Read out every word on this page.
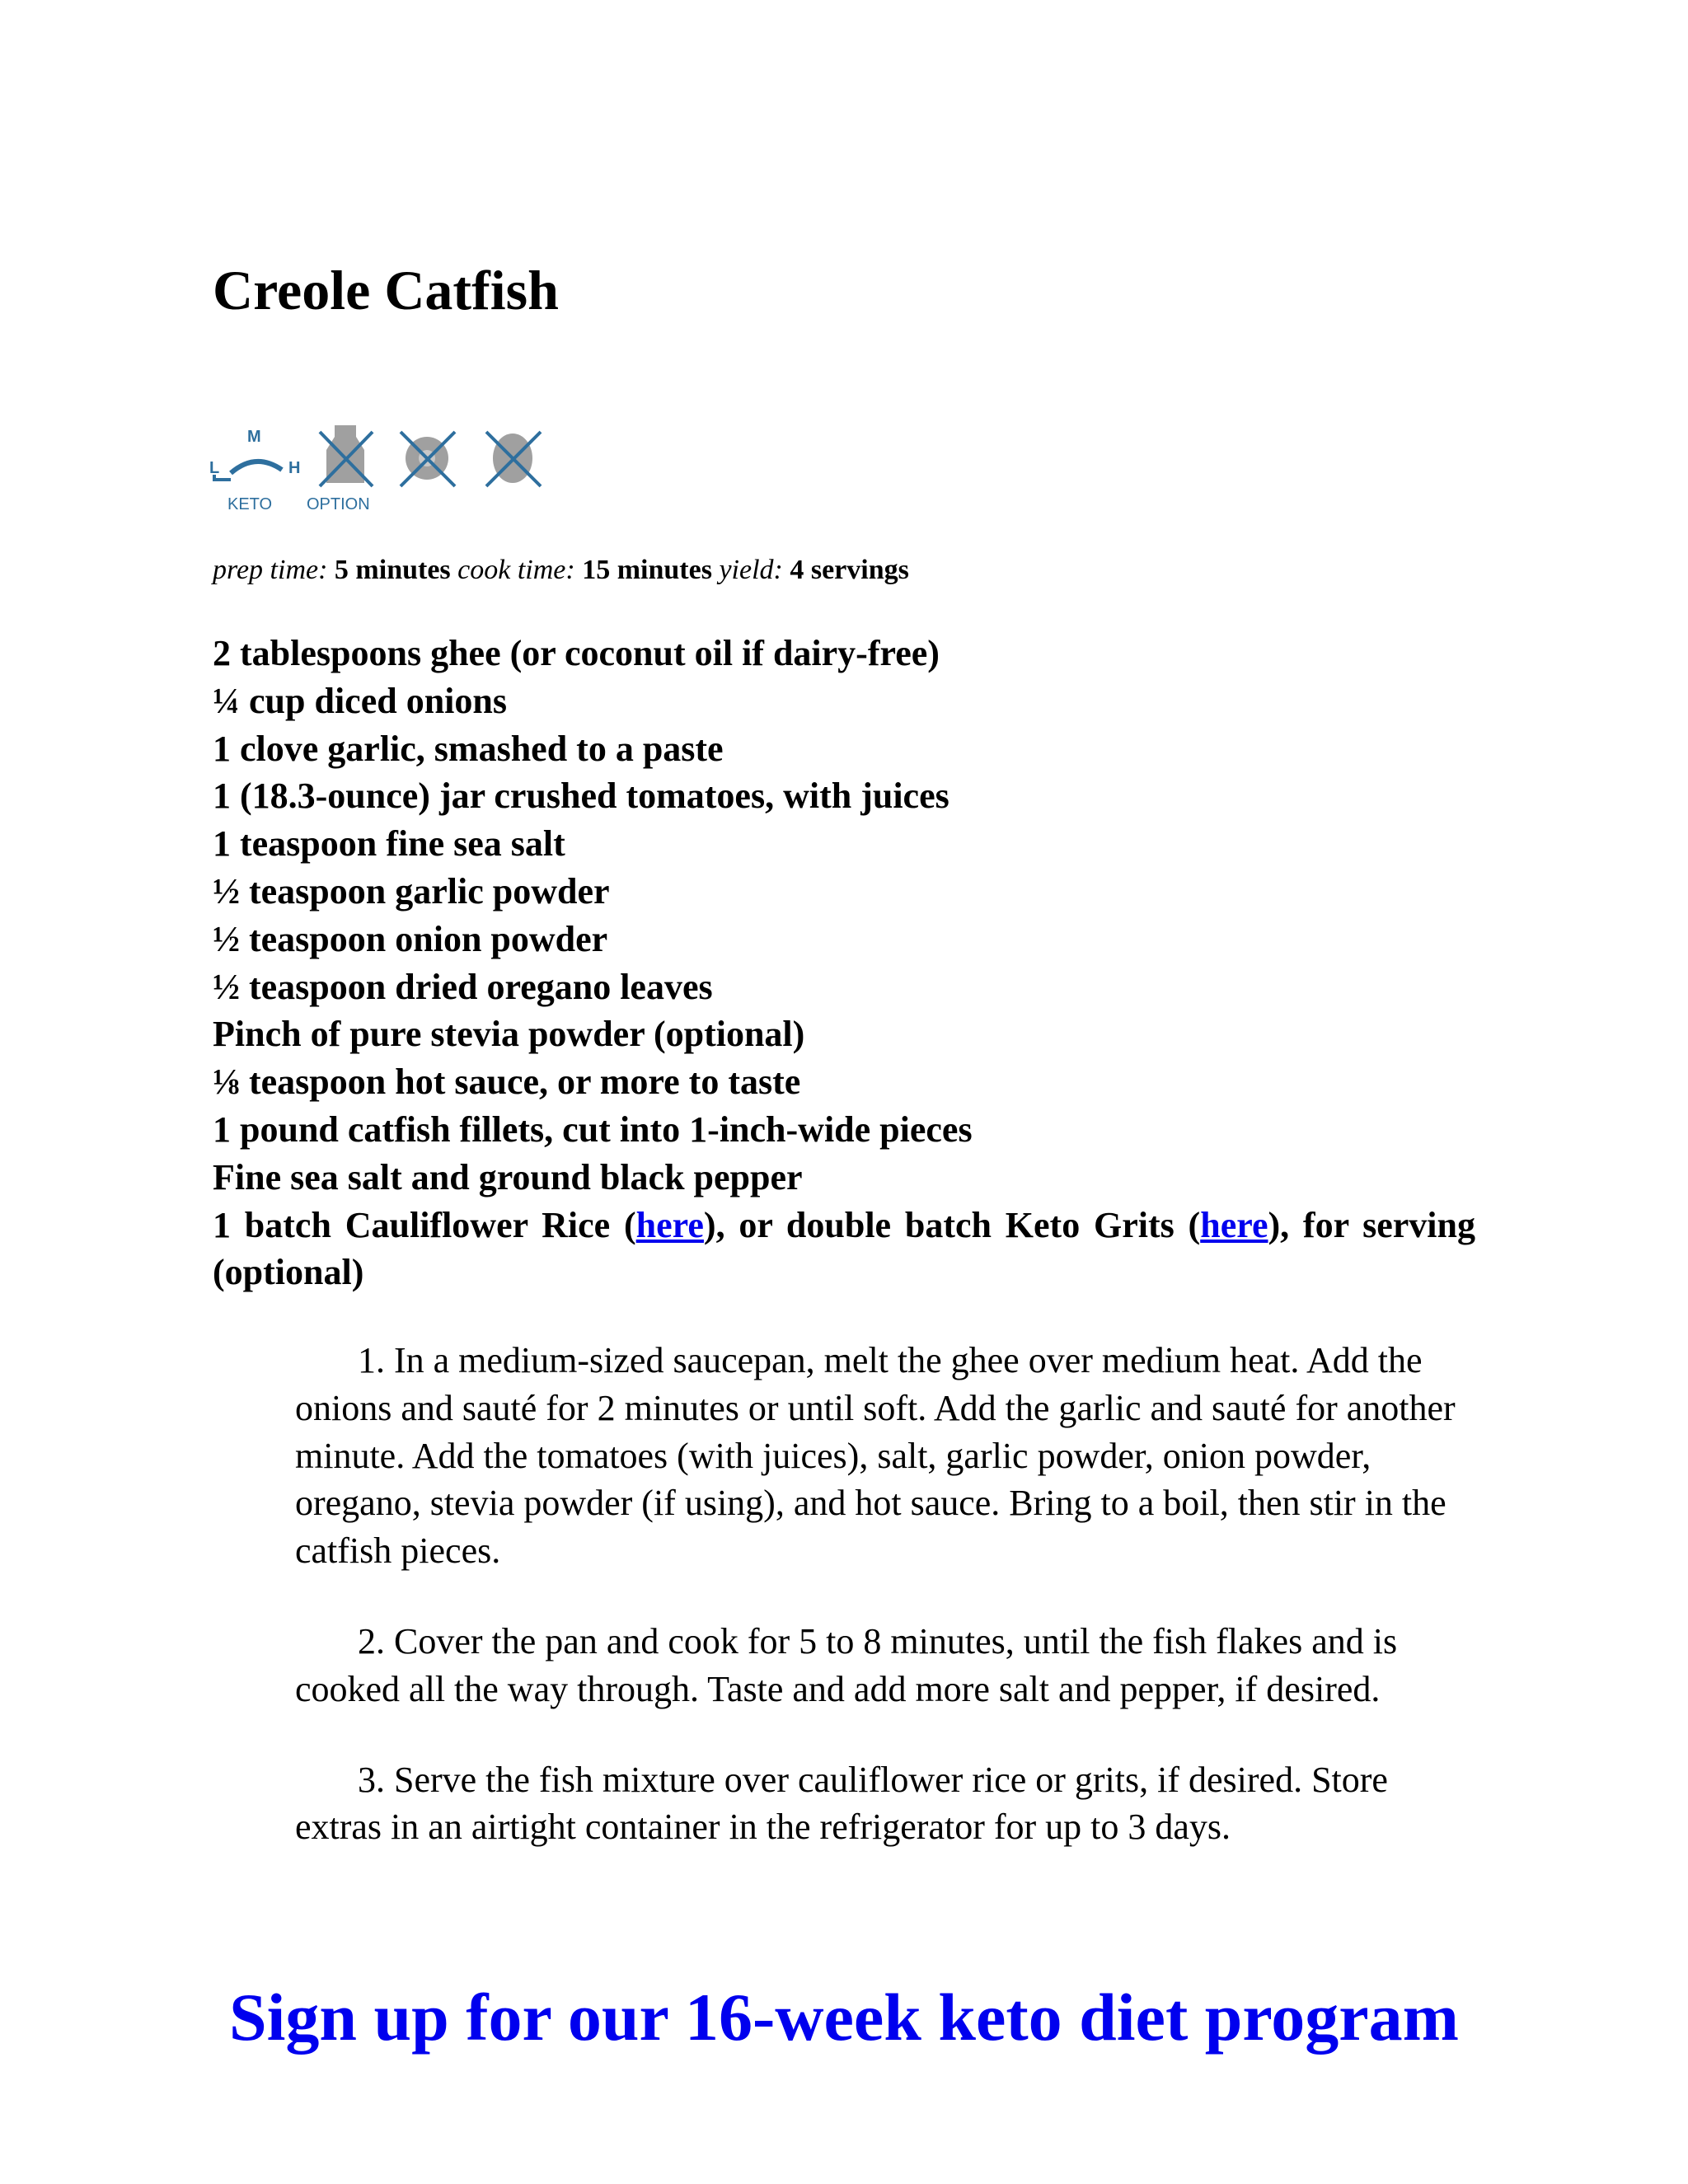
Creole Catfish
M
L	H
KETO OPTION
prep time: 5 minutes cook time: 15 minutes yield: 4 servings
2 tablespoons ghee (or coconut oil if dairy-free)
¼ cup diced onions
1 clove garlic, smashed to a paste
1 (18.3-ounce) jar crushed tomatoes, with juices
1 teaspoon fine sea salt
½ teaspoon garlic powder
½ teaspoon onion powder
½ teaspoon dried oregano leaves
Pinch of pure stevia powder (optional)
⅛ teaspoon hot sauce, or more to taste
1 pound catfish fillets, cut into 1-inch-wide pieces
Fine sea salt and ground black pepper
1 batch Cauliflower Rice (here), or double batch Keto Grits (here), for serving (optional)

1. In a medium-sized saucepan, melt the ghee over medium heat. Add the onions and sauté for 2 minutes or until soft. Add the garlic and sauté for another minute. Add the tomatoes (with juices), salt, garlic powder, onion powder, oregano, stevia powder (if using), and hot sauce. Bring to a boil, then stir in the catfish pieces.

2. Cover the pan and cook for 5 to 8 minutes, until the fish flakes and is cooked all the way through. Taste and add more salt and pepper, if desired.

3. Serve the fish mixture over cauliflower rice or grits, if desired. Store extras in an airtight container in the refrigerator for up to 3 days.

Sign up for our 16-week keto diet program
